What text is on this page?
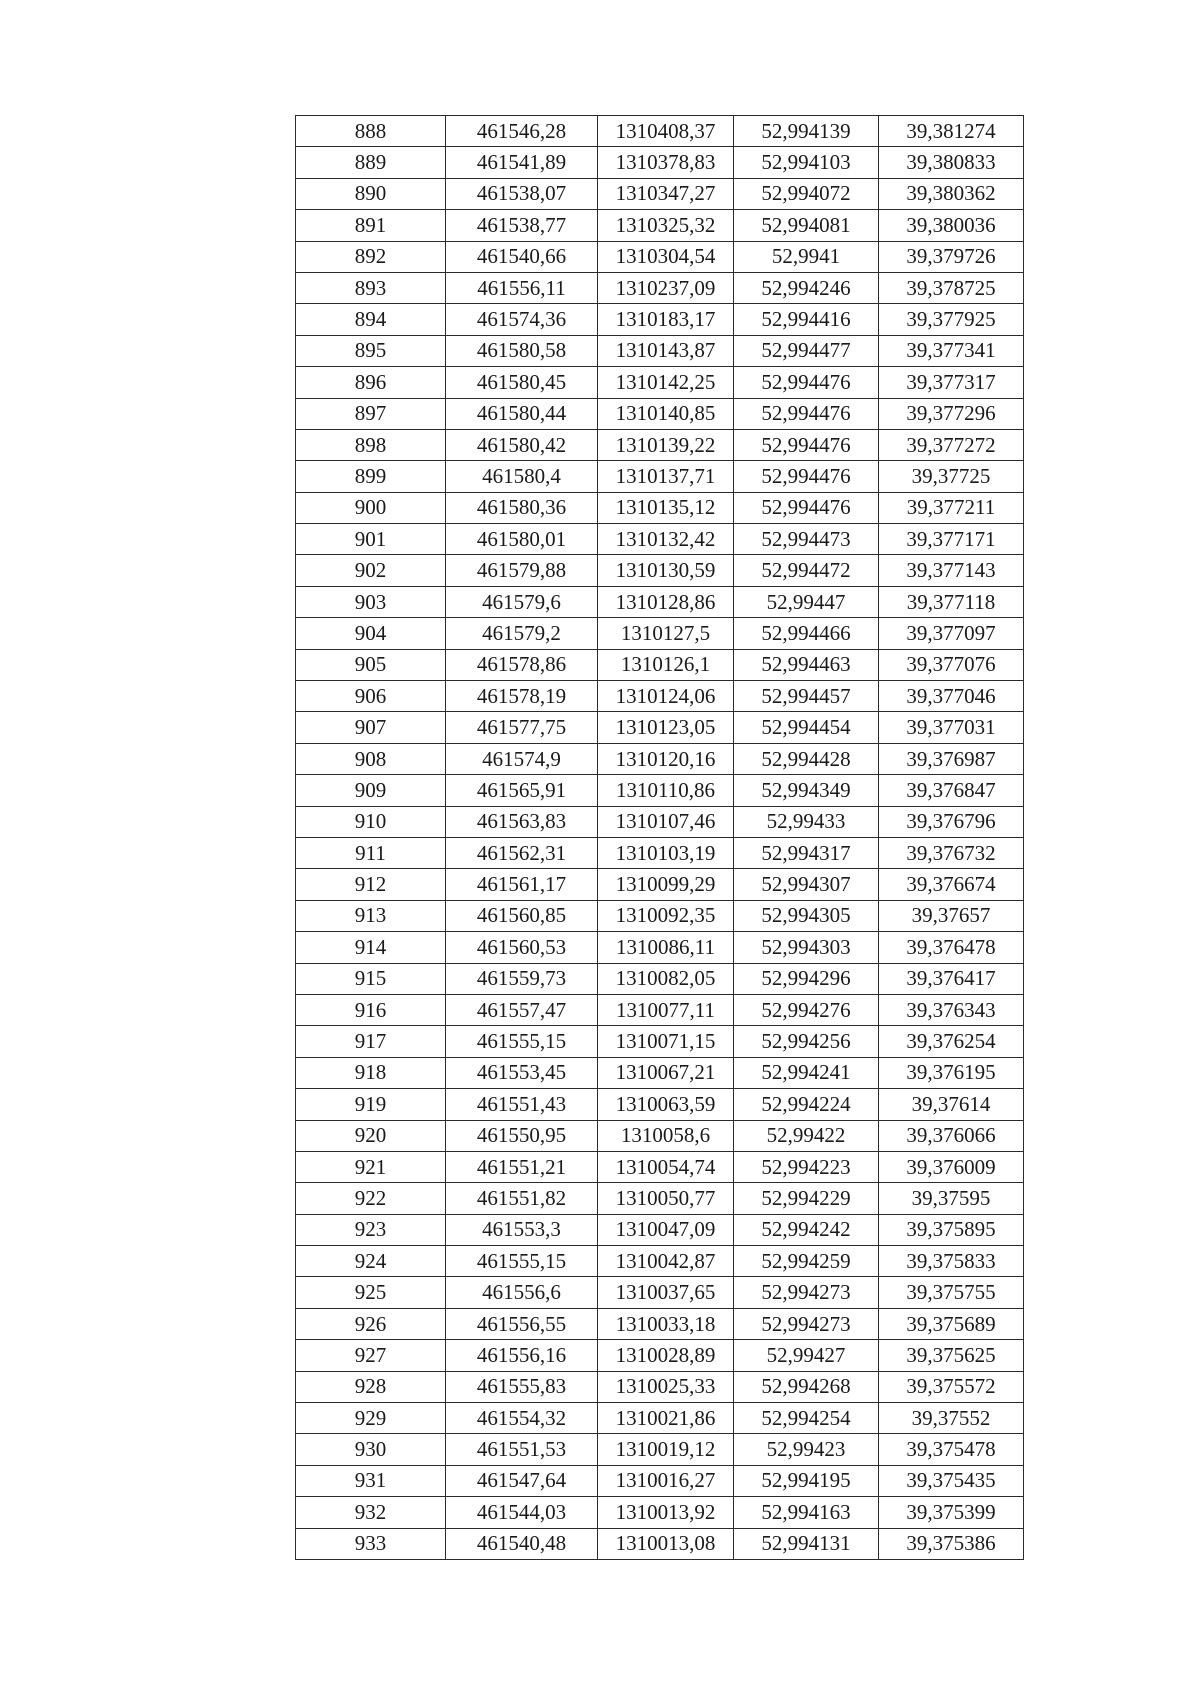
888	461546,28	1310408,37	52,994139	39,381274
889	461541,89	1310378,83	52,994103	39,380833
890	461538,07	1310347,27	52,994072	39,380362
891	461538,77	1310325,32	52,994081	39,380036
892	461540,66	1310304,54	52,9941	39,379726
893	461556,11	1310237,09	52,994246	39,378725
894	461574,36	1310183,17	52,994416	39,377925
895	461580,58	1310143,87	52,994477	39,377341
896	461580,45	1310142,25	52,994476	39,377317
897	461580,44	1310140,85	52,994476	39,377296
898	461580,42	1310139,22	52,994476	39,377272
899	461580,4	1310137,71	52,994476	39,37725
900	461580,36	1310135,12	52,994476	39,377211
901	461580,01	1310132,42	52,994473	39,377171
902	461579,88	1310130,59	52,994472	39,377143
903	461579,6	1310128,86	52,99447	39,377118
904	461579,2	1310127,5	52,994466	39,377097
905	461578,86	1310126,1	52,994463	39,377076
906	461578,19	1310124,06	52,994457	39,377046
907	461577,75	1310123,05	52,994454	39,377031
908	461574,9	1310120,16	52,994428	39,376987
909	461565,91	1310110,86	52,994349	39,376847
910	461563,83	1310107,46	52,99433	39,376796
911	461562,31	1310103,19	52,994317	39,376732
912	461561,17	1310099,29	52,994307	39,376674
913	461560,85	1310092,35	52,994305	39,37657
914	461560,53	1310086,11	52,994303	39,376478
915	461559,73	1310082,05	52,994296	39,376417
916	461557,47	1310077,11	52,994276	39,376343
917	461555,15	1310071,15	52,994256	39,376254
918	461553,45	1310067,21	52,994241	39,376195
919	461551,43	1310063,59	52,994224	39,37614
920	461550,95	1310058,6	52,99422	39,376066
921	461551,21	1310054,74	52,994223	39,376009
922	461551,82	1310050,77	52,994229	39,37595
923	461553,3	1310047,09	52,994242	39,375895
924	461555,15	1310042,87	52,994259	39,375833
925	461556,6	1310037,65	52,994273	39,375755
926	461556,55	1310033,18	52,994273	39,375689
927	461556,16	1310028,89	52,99427	39,375625
928	461555,83	1310025,33	52,994268	39,375572
929	461554,32	1310021,86	52,994254	39,37552
930	461551,53	1310019,12	52,99423	39,375478
931	461547,64	1310016,27	52,994195	39,375435
932	461544,03	1310013,92	52,994163	39,375399
933	461540,48	1310013,08	52,994131	39,375386
